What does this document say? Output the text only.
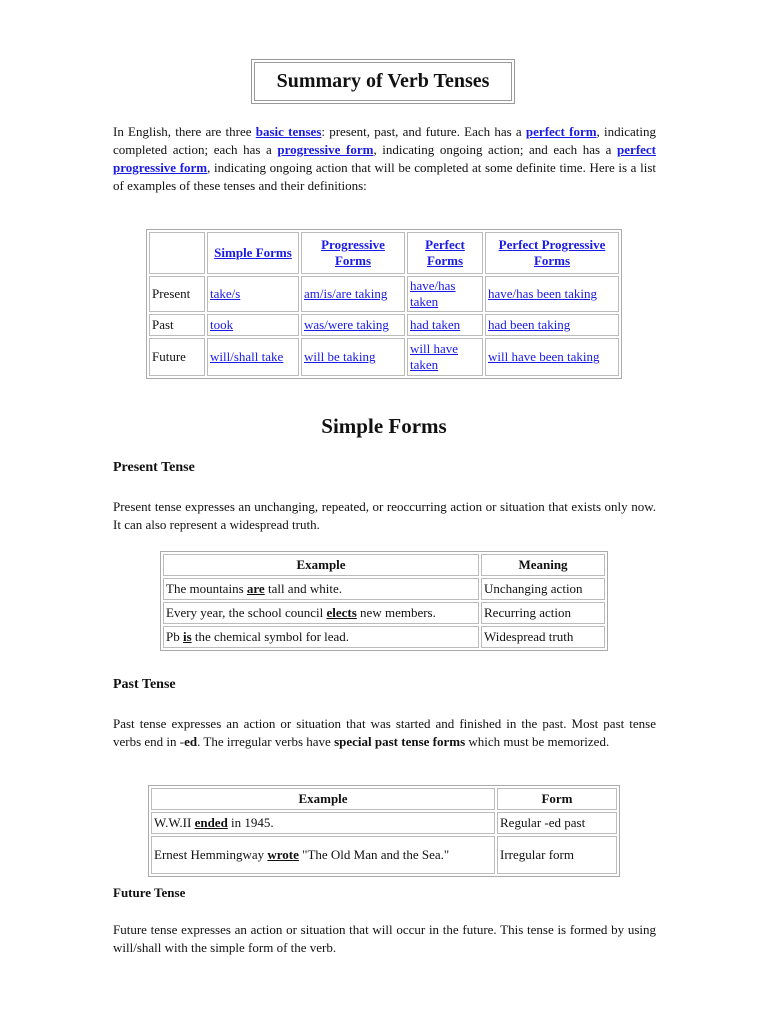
Summary of Verb Tenses

In English, there are three basic tenses: present, past, and future. Each has a perfect form, indicating completed action; each has a progressive form, indicating ongoing action; and each has a perfect progressive form, indicating ongoing action that will be completed at some definite time. Here is a list of examples of these tenses and their definitions:

	Simple Forms	Progressive Forms	Perfect Forms	Perfect Progressive Forms
Present	take/s	am/is/are taking	have/has taken	have/has been taking
Past	took	was/were taking	had taken	had been taking
Future	will/shall take	will be taking	will have taken	will have been taking
Simple Forms
Present Tense

Present tense expresses an unchanging, repeated, or reoccurring action or situation that exists only now. It can also represent a widespread truth.

Example	Meaning
The mountains are tall and white.	Unchanging action
Every year, the school council elects new members.	Recurring action
Pb is the chemical symbol for lead.	Widespread truth
Past Tense

Past tense expresses an action or situation that was started and finished in the past. Most past tense verbs end in -ed. The irregular verbs have special past tense forms which must be memorized.

Example	Form
W.W.II ended in 1945.	Regular -ed past
Ernest Hemmingway wrote "The Old Man and the Sea."	Irregular form
Future Tense

Future tense expresses an action or situation that will occur in the future. This tense is formed by using will/shall with the simple form of the verb.
